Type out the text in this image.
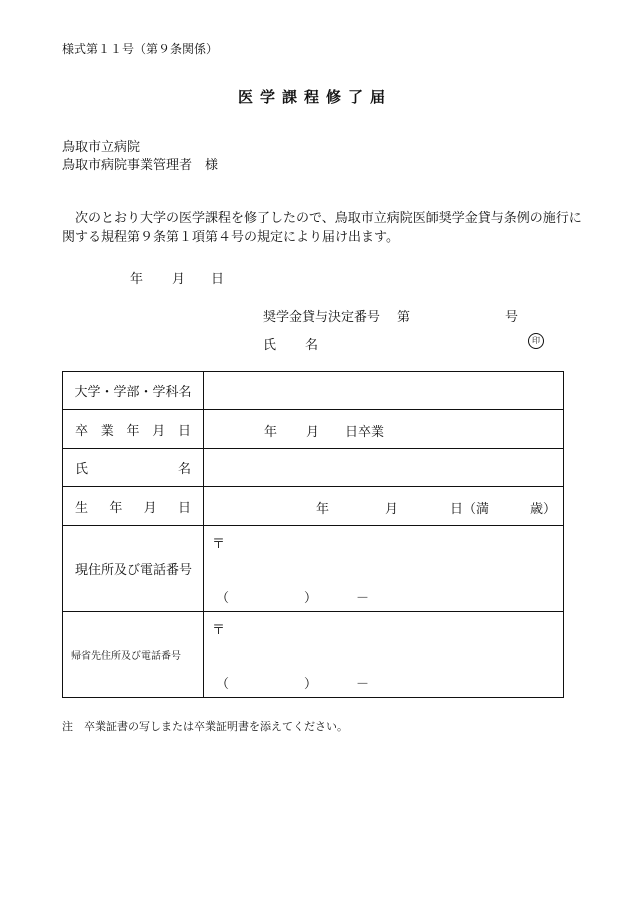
様式第１１号（第９条関係）
医学課程修了届
鳥取市立病院
鳥取市病院事業管理者　様
　次のとおり大学の医学課程を修了したので、鳥取市立病院医師奨学金貸与条例の施行に関する規程第９条第１項第４号の規定により届け出ます。
年 月 日
奨学金貸与決定番号 第	号
氏 名	印
大学・学部・学科名	

卒 業 年 月 日	年 月 日卒業

氏 名	

生 年 月 日	年 月 日（満 歳）

現住所及び電話番号	〒
（ ） －

帰省先住所及び電話番号	〒
（ ） －
注　卒業証書の写しまたは卒業証明書を添えてください。
